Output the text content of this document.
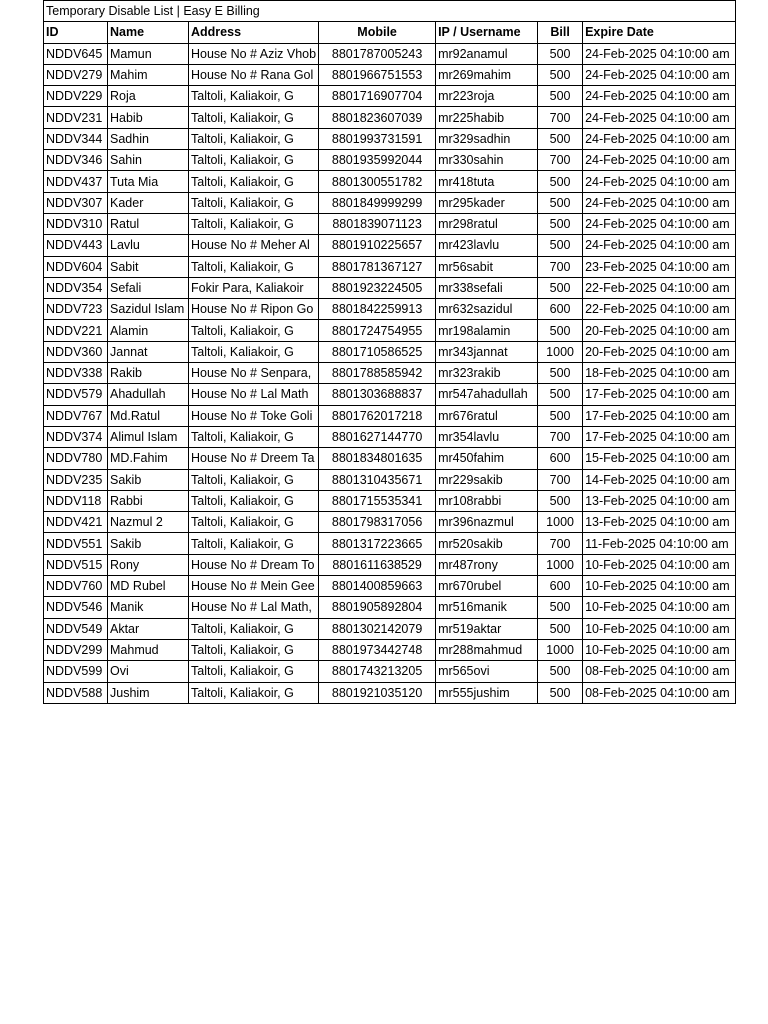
Temporary Disable List | Easy E Billing						
ID	Name	Address	Mobile	IP / Username	Bill	Expire Date
NDDV645	Mamun	House No # Aziz Vhob	8801787005243	mr92anamul	500	24-Feb-2025 04:10:00 am
NDDV279	Mahim	House No # Rana Gol	8801966751553	mr269mahim	500	24-Feb-2025 04:10:00 am
NDDV229	Roja	Taltoli, Kaliakoir, G	8801716907704	mr223roja	500	24-Feb-2025 04:10:00 am
NDDV231	Habib	Taltoli, Kaliakoir, G	8801823607039	mr225habib	700	24-Feb-2025 04:10:00 am
NDDV344	Sadhin	Taltoli, Kaliakoir, G	8801993731591	mr329sadhin	500	24-Feb-2025 04:10:00 am
NDDV346	Sahin	Taltoli, Kaliakoir, G	8801935992044	mr330sahin	700	24-Feb-2025 04:10:00 am
NDDV437	Tuta Mia	Taltoli, Kaliakoir, G	8801300551782	mr418tuta	500	24-Feb-2025 04:10:00 am
NDDV307	Kader	Taltoli, Kaliakoir, G	8801849999299	mr295kader	500	24-Feb-2025 04:10:00 am
NDDV310	Ratul	Taltoli, Kaliakoir, G	8801839071123	mr298ratul	500	24-Feb-2025 04:10:00 am
NDDV443	Lavlu	House No # Meher Al	8801910225657	mr423lavlu	500	24-Feb-2025 04:10:00 am
NDDV604	Sabit	Taltoli, Kaliakoir, G	8801781367127	mr56sabit	700	23-Feb-2025 04:10:00 am
NDDV354	Sefali	Fokir Para, Kaliakoir	8801923224505	mr338sefali	500	22-Feb-2025 04:10:00 am
NDDV723	Sazidul Islam	House No # Ripon Go	8801842259913	mr632sazidul	600	22-Feb-2025 04:10:00 am
NDDV221	Alamin	Taltoli, Kaliakoir, G	8801724754955	mr198alamin	500	20-Feb-2025 04:10:00 am
NDDV360	Jannat	Taltoli, Kaliakoir, G	8801710586525	mr343jannat	1000	20-Feb-2025 04:10:00 am
NDDV338	Rakib	House No # Senpara,	8801788585942	mr323rakib	500	18-Feb-2025 04:10:00 am
NDDV579	Ahadullah	House No # Lal Math	8801303688837	mr547ahadullah	500	17-Feb-2025 04:10:00 am
NDDV767	Md.Ratul	House No # Toke Goli	8801762017218	mr676ratul	500	17-Feb-2025 04:10:00 am
NDDV374	Alimul Islam	Taltoli, Kaliakoir, G	8801627144770	mr354lavlu	700	17-Feb-2025 04:10:00 am
NDDV780	MD.Fahim	House No # Dreem Ta	8801834801635	mr450fahim	600	15-Feb-2025 04:10:00 am
NDDV235	Sakib	Taltoli, Kaliakoir, G	8801310435671	mr229sakib	700	14-Feb-2025 04:10:00 am
NDDV118	Rabbi	Taltoli, Kaliakoir, G	8801715535341	mr108rabbi	500	13-Feb-2025 04:10:00 am
NDDV421	Nazmul 2	Taltoli, Kaliakoir, G	8801798317056	mr396nazmul	1000	13-Feb-2025 04:10:00 am
NDDV551	Sakib	Taltoli, Kaliakoir, G	8801317223665	mr520sakib	700	11-Feb-2025 04:10:00 am
NDDV515	Rony	House No # Dream To	8801611638529	mr487rony	1000	10-Feb-2025 04:10:00 am
NDDV760	MD Rubel	House No # Mein Gee	8801400859663	mr670rubel	600	10-Feb-2025 04:10:00 am
NDDV546	Manik	House No # Lal Math,	8801905892804	mr516manik	500	10-Feb-2025 04:10:00 am
NDDV549	Aktar	Taltoli, Kaliakoir, G	8801302142079	mr519aktar	500	10-Feb-2025 04:10:00 am
NDDV299	Mahmud	Taltoli, Kaliakoir, G	8801973442748	mr288mahmud	1000	10-Feb-2025 04:10:00 am
NDDV599	Ovi	Taltoli, Kaliakoir, G	8801743213205	mr565ovi	500	08-Feb-2025 04:10:00 am
NDDV588	Jushim	Taltoli, Kaliakoir, G	8801921035120	mr555jushim	500	08-Feb-2025 04:10:00 am
